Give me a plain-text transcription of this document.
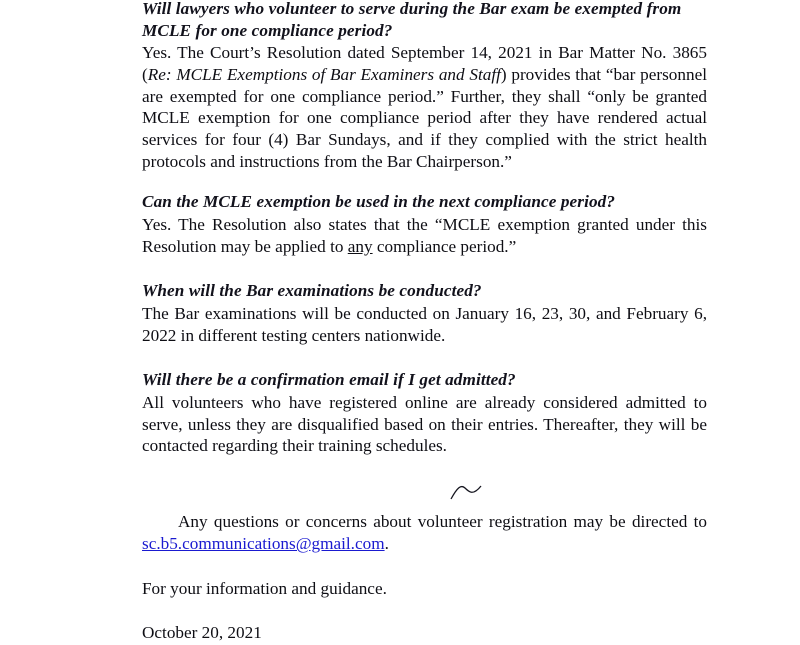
Will lawyers who volunteer to serve during the Bar exam be exempted from MCLE for one compliance period?

Yes. The Court’s Resolution dated September 14, 2021 in Bar Matter No. 3865 (Re: MCLE Exemptions of Bar Examiners and Staff) provides that “bar personnel are exempted for one compliance period.” Further, they shall “only be granted MCLE exemption for one compliance period after they have rendered actual services for four (4) Bar Sundays, and if they complied with the strict health protocols and instructions from the Bar Chairperson.”

Can the MCLE exemption be used in the next compliance period?

Yes. The Resolution also states that the “MCLE exemption granted under this Resolution may be applied to any compliance period.”

When will the Bar examinations be conducted?

The Bar examinations will be conducted on January 16, 23, 30, and February 6, 2022 in different testing centers nationwide.

Will there be a confirmation email if I get admitted?

All volunteers who have registered online are already considered admitted to serve, unless they are disqualified based on their entries. Thereafter, they will be contacted regarding their training schedules.

Any questions or concerns about volunteer registration may be directed to sc.b5.communications@gmail.com.

For your information and guidance.

October 20, 2021
